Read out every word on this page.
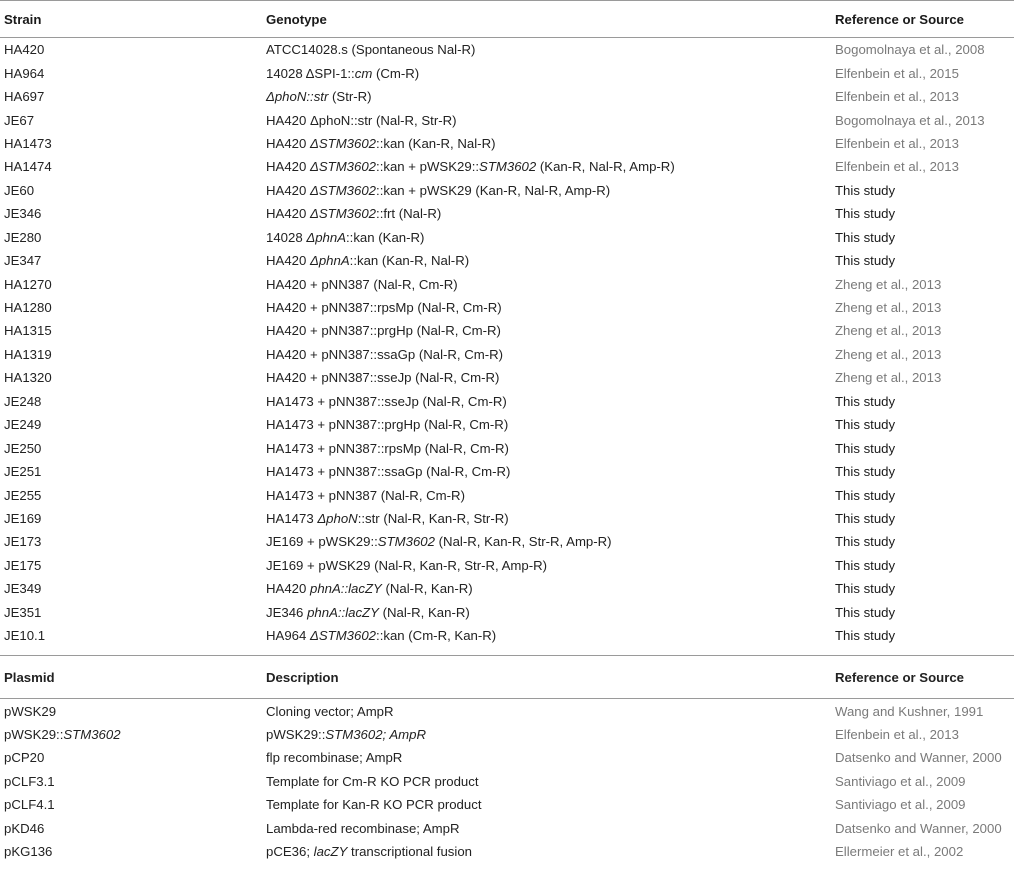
Strain	Genotype	Reference or Source
HA420	ATCC14028.s (Spontaneous Nal-R)	Bogomolnaya et al., 2008
HA964	14028 ΔSPI-1::cm (Cm-R)	Elfenbein et al., 2015
HA697	ΔphoN::str (Str-R)	Elfenbein et al., 2013
JE67	HA420 ΔphoN::str (Nal-R, Str-R)	Bogomolnaya et al., 2013
HA1473	HA420 ΔSTM3602::kan (Kan-R, Nal-R)	Elfenbein et al., 2013
HA1474	HA420 ΔSTM3602::kan + pWSK29::STM3602 (Kan-R, Nal-R, Amp-R)	Elfenbein et al., 2013
JE60	HA420 ΔSTM3602::kan + pWSK29 (Kan-R, Nal-R, Amp-R)	This study
JE346	HA420 ΔSTM3602::frt (Nal-R)	This study
JE280	14028 ΔphnA::kan (Kan-R)	This study
JE347	HA420 ΔphnA::kan (Kan-R, Nal-R)	This study
HA1270	HA420 + pNN387 (Nal-R, Cm-R)	Zheng et al., 2013
HA1280	HA420 + pNN387::rpsMp (Nal-R, Cm-R)	Zheng et al., 2013
HA1315	HA420 + pNN387::prgHp (Nal-R, Cm-R)	Zheng et al., 2013
HA1319	HA420 + pNN387::ssaGp (Nal-R, Cm-R)	Zheng et al., 2013
HA1320	HA420 + pNN387::sseJp (Nal-R, Cm-R)	Zheng et al., 2013
JE248	HA1473 + pNN387::sseJp (Nal-R, Cm-R)	This study
JE249	HA1473 + pNN387::prgHp (Nal-R, Cm-R)	This study
JE250	HA1473 + pNN387::rpsMp (Nal-R, Cm-R)	This study
JE251	HA1473 + pNN387::ssaGp (Nal-R, Cm-R)	This study
JE255	HA1473 + pNN387 (Nal-R, Cm-R)	This study
JE169	HA1473 ΔphoN::str (Nal-R, Kan-R, Str-R)	This study
JE173	JE169 + pWSK29::STM3602 (Nal-R, Kan-R, Str-R, Amp-R)	This study
JE175	JE169 + pWSK29 (Nal-R, Kan-R, Str-R, Amp-R)	This study
JE349	HA420 phnA::lacZY (Nal-R, Kan-R)	This study
JE351	JE346 phnA::lacZY (Nal-R, Kan-R)	This study
JE10.1	HA964 ΔSTM3602::kan (Cm-R, Kan-R)	This study

Plasmid	Description	Reference or Source
pWSK29	Cloning vector; AmpR	Wang and Kushner, 1991
pWSK29::STM3602	pWSK29::STM3602; AmpR	Elfenbein et al., 2013
pCP20	flp recombinase; AmpR	Datsenko and Wanner, 2000
pCLF3.1	Template for Cm-R KO PCR product	Santiviago et al., 2009
pCLF4.1	Template for Kan-R KO PCR product	Santiviago et al., 2009
pKD46	Lambda-red recombinase; AmpR	Datsenko and Wanner, 2000
pKG136	pCE36; lacZY transcriptional fusion	Ellermeier et al., 2002
